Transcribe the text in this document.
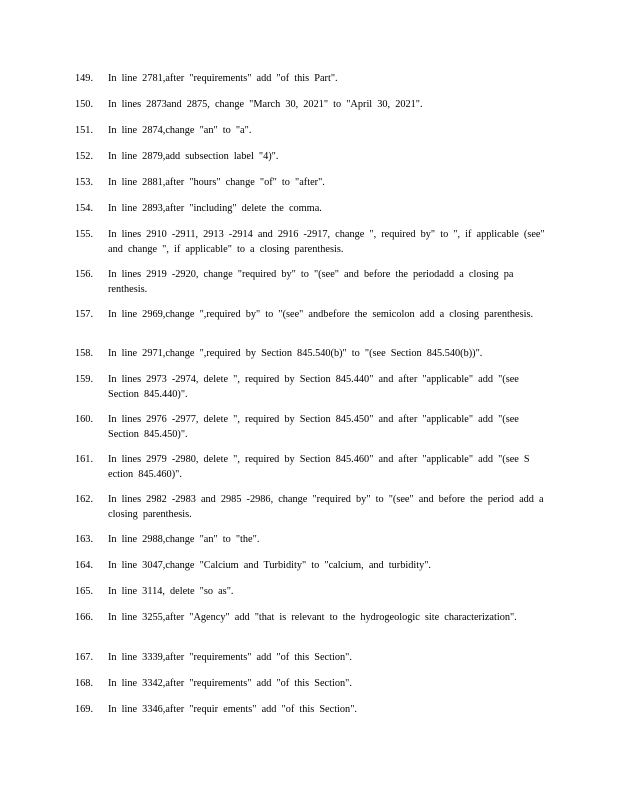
149.	In line 2781,after "requirements" add "of this Part".
150.	In lines 2873and 2875, change "March 30, 2021" to "April 30, 2021".
151.	In line 2874,change "an" to "a".
152.	In line 2879,add subsection label "4)".
153.	In line 2881,after "hours" change "of" to "after".
154.	In line 2893,after "including" delete the comma.
155.	In lines 2910 -2911, 2913 -2914 and 2916 -2917, change ", required by" to ", if applicable (see" and change ", if applicable" to a closing parenthesis.
156.	In lines 2919 -2920, change "required by" to "(see" and before the periodadd a closing pa renthesis.
157.	In line 2969,change ",required by" to "(see" andbefore the semicolon add a closing parenthesis.
158.	In line 2971,change ",required by Section 845.540(b)" to "(see Section 845.540(b))".
159.	In lines 2973 -2974, delete ", required by Section 845.440" and after "applicable" add "(see Section 845.440)".
160.	In lines 2976 -2977, delete ", required by Section 845.450" and after "applicable" add "(see Section 845.450)".
161.	In lines 2979 -2980, delete ", required by Section 845.460" and after "applicable" add "(see S ection 845.460)".
162.	In lines 2982 -2983 and 2985 -2986, change "required by" to "(see" and before the period add a closing parenthesis.
163.	In line 2988,change "an" to "the".
164.	In line 3047,change "Calcium and Turbidity" to "calcium, and turbidity".
165.	In line 3114, delete "so as".
166.	In line 3255,after "Agency" add "that is relevant to the hydrogeologic site characterization".
167.	In line 3339,after "requirements" add "of this Section".
168.	In line 3342,after "requirements" add "of this Section".
169.	In line 3346,after "requir ements" add "of this Section".
